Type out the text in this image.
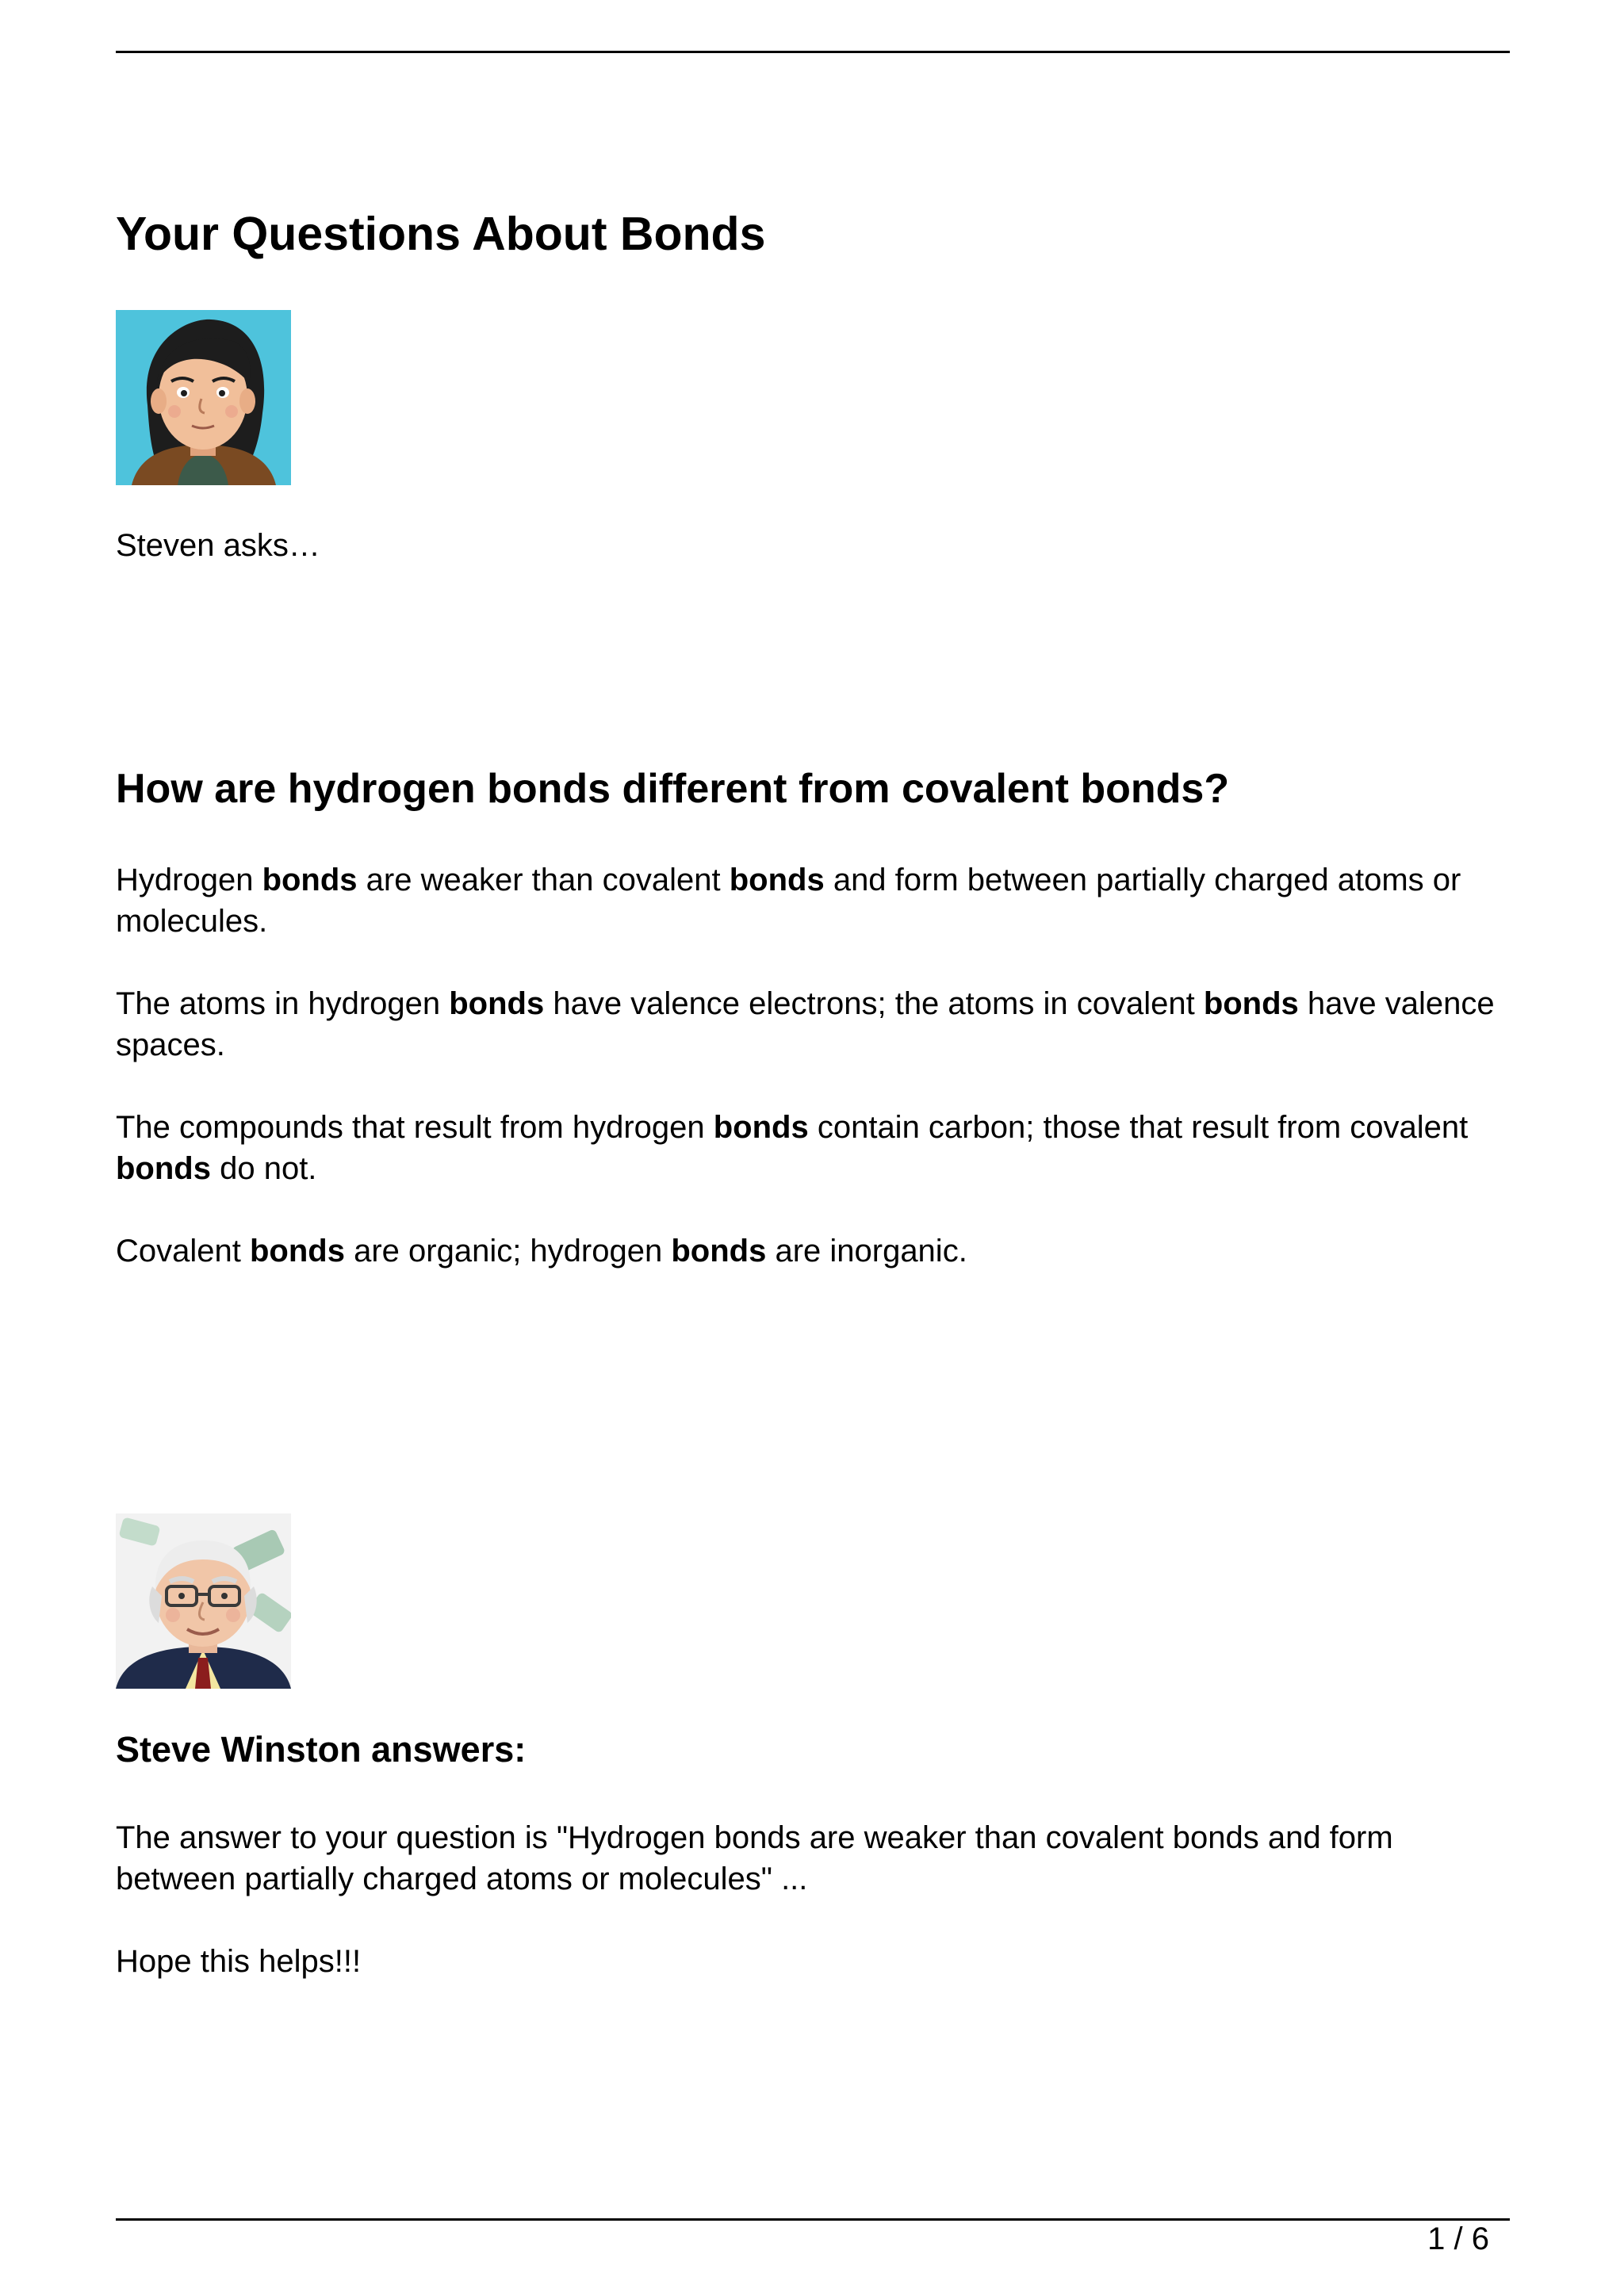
Your Questions About Bonds

Steven asks…

How are hydrogen bonds different from covalent bonds?

Hydrogen bonds are weaker than covalent bonds and form between partially charged atoms or molecules.

The atoms in hydrogen bonds have valence electrons; the atoms in covalent bonds have valence spaces.

The compounds that result from hydrogen bonds contain carbon; those that result from covalent bonds do not.

Covalent bonds are organic; hydrogen bonds are inorganic.

Steve Winston answers:

The answer to your question is "Hydrogen bonds are weaker than covalent bonds and form between partially charged atoms or molecules" ...

Hope this helps!!!

1 / 6
